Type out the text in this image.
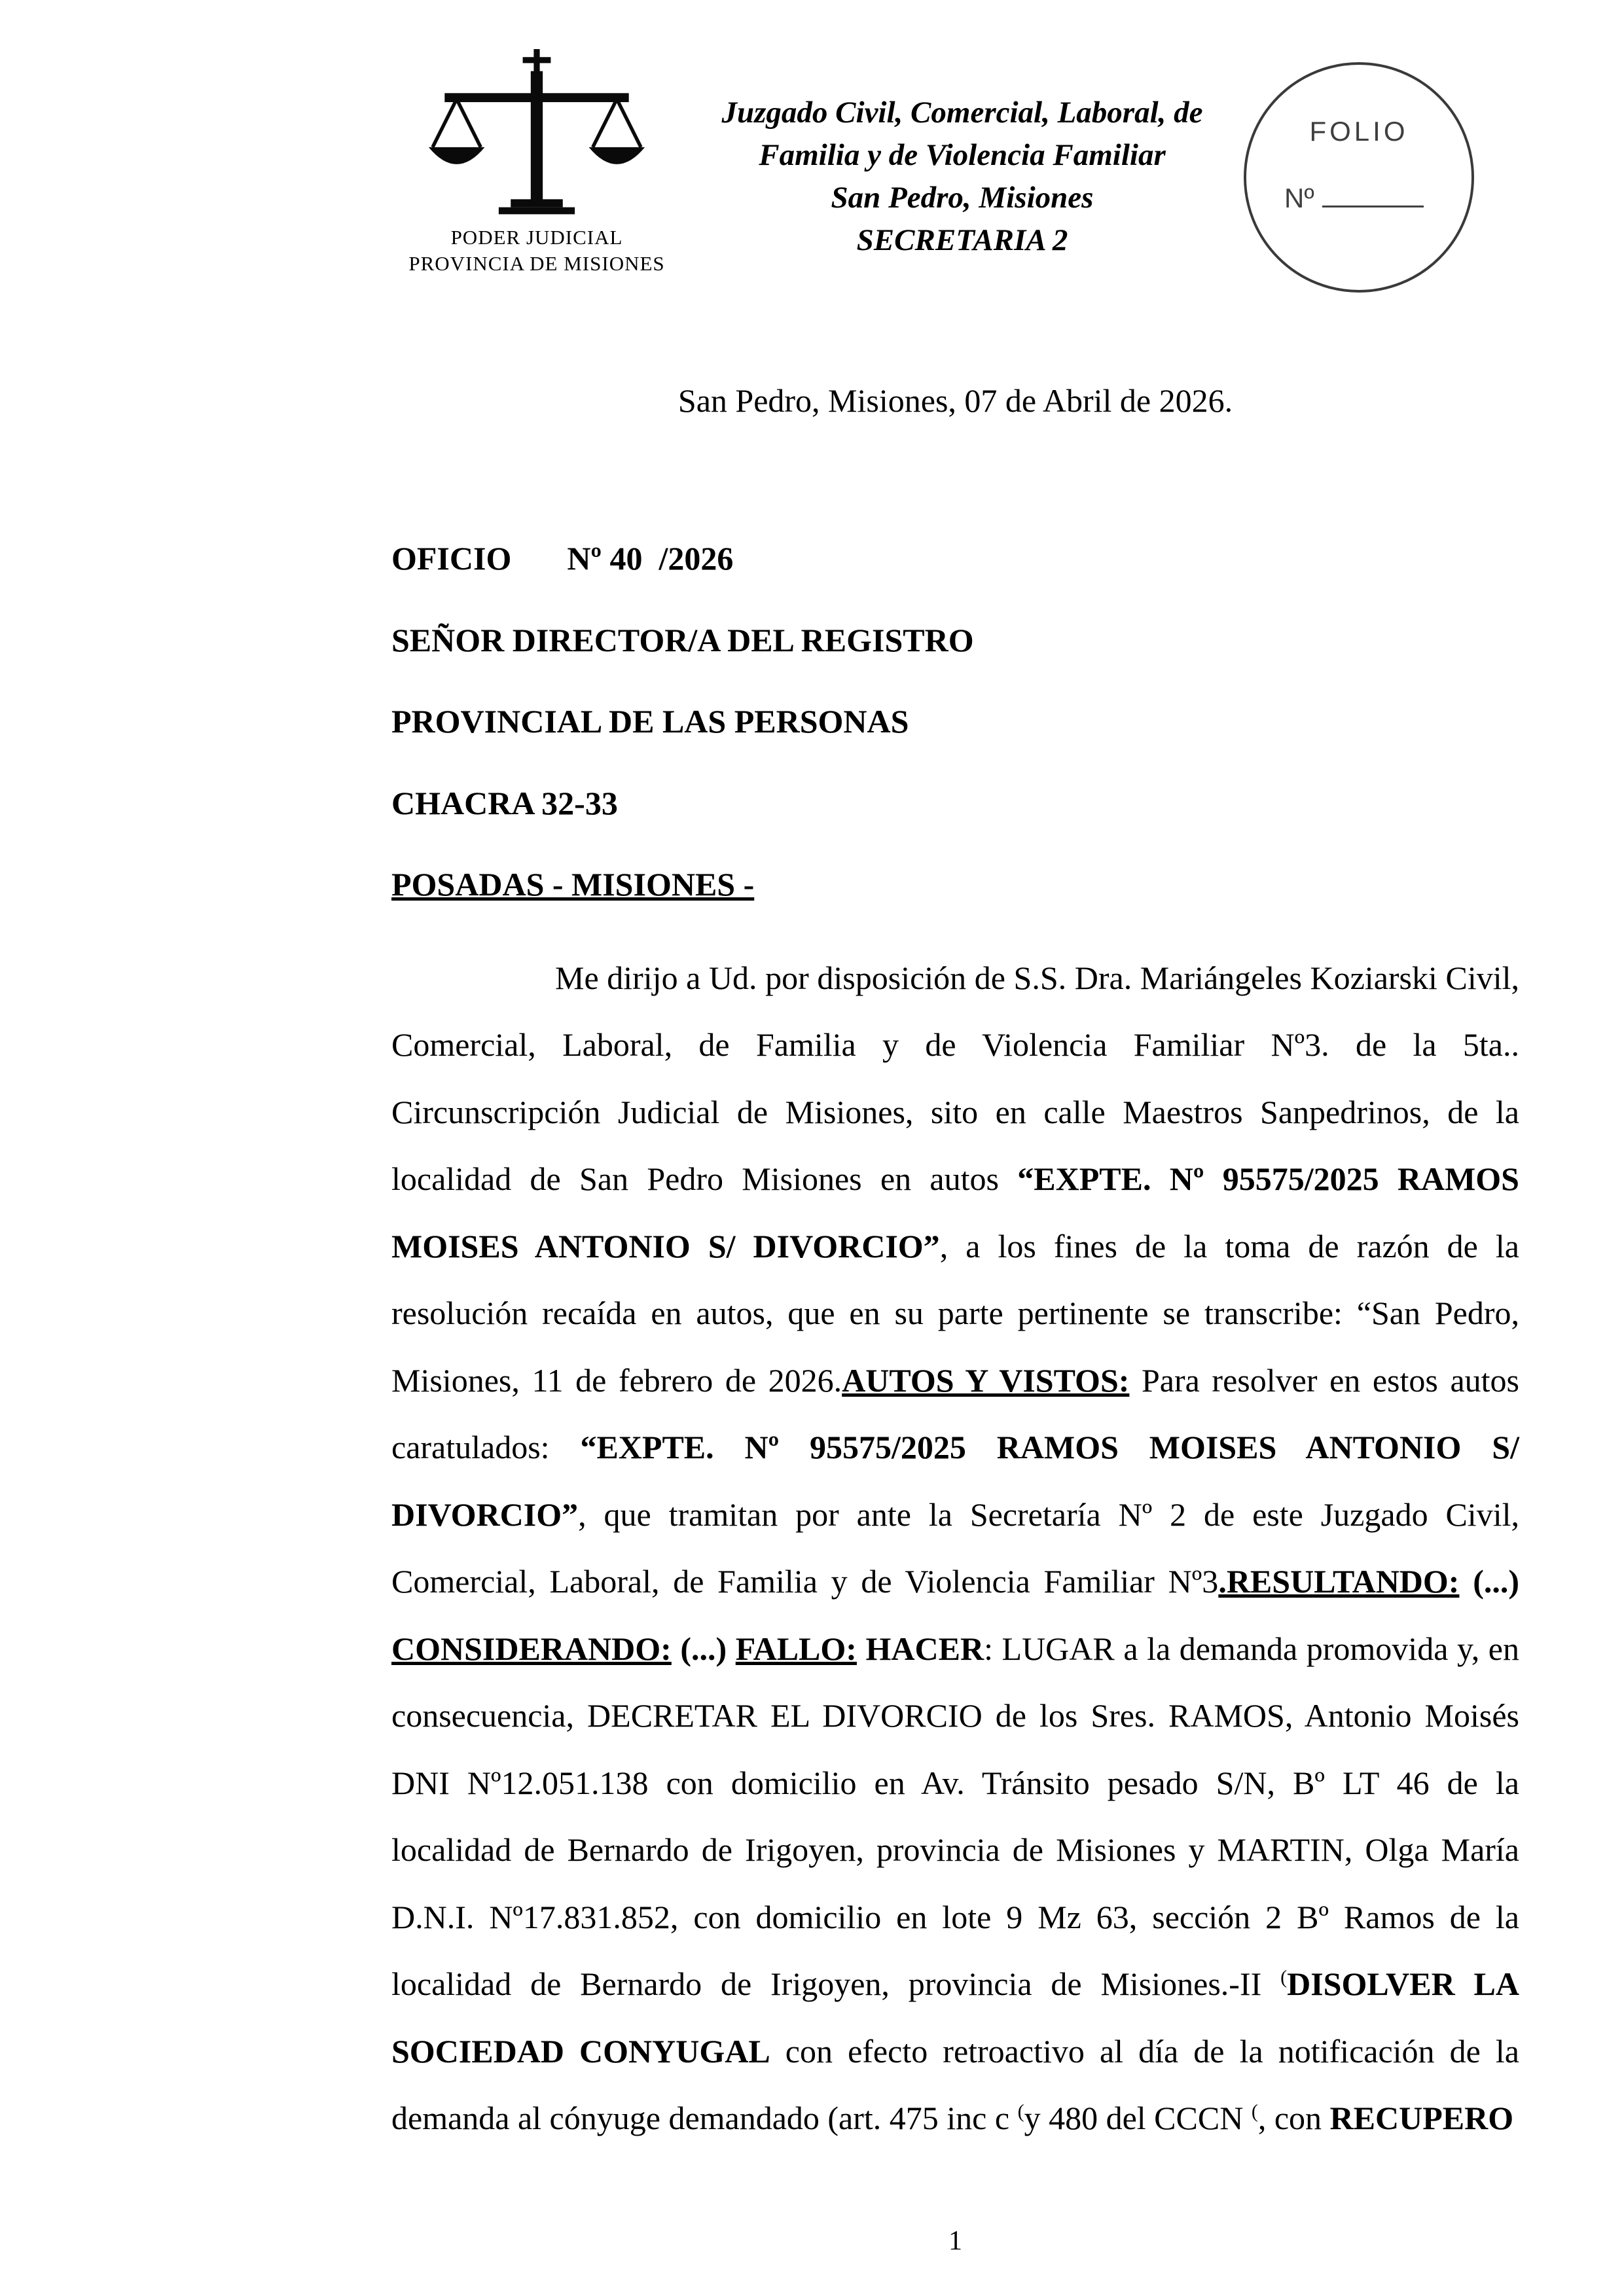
PODER JUDICIAL
PROVINCIA DE MISIONES
Juzgado Civil, Comercial, Laboral, de
Familia y de Violencia Familiar
San Pedro, Misiones
SECRETARIA 2
FOLIO
Nº
San Pedro, Misiones, 07 de Abril de 2026.

OFICIO Nº 40  /2026

SEÑOR DIRECTOR/A DEL REGISTRO

PROVINCIAL DE LAS PERSONAS

CHACRA 32-33

POSADAS - MISIONES -

Me dirijo a Ud. por disposición de S.S. Dra. Mariángeles Koziarski Civil, Comercial, Laboral, de Familia y de Violencia Familiar Nº3. de la 5ta.. Circunscripción Judicial de Misiones, sito en calle Maestros Sanpedrinos, de la localidad de San Pedro Misiones en autos “EXPTE. Nº 95575/2025 RAMOS MOISES ANTONIO S/ DIVORCIO”, a los fines de la toma de razón de la resolución recaída en autos, que en su parte pertinente se transcribe: “San Pedro, Misiones, 11 de febrero de 2026.AUTOS Y VISTOS: Para resolver en estos autos caratulados: “EXPTE. Nº 95575/2025 RAMOS MOISES ANTONIO S/ DIVORCIO”, que tramitan por ante la Secretaría Nº 2 de este Juzgado Civil, Comercial, Laboral, de Familia y de Violencia Familiar Nº3.RESULTANDO: (...) CONSIDERANDO: (...) FALLO: HACER: LUGAR a la demanda promovida y, en consecuencia, DECRETAR EL DIVORCIO de los Sres. RAMOS, Antonio Moisés DNI Nº12.051.138 con domicilio en Av. Tránsito pesado S/N, Bº LT 46 de la localidad de Bernardo de Irigoyen, provincia de Misiones y MARTIN, Olga María D.N.I. Nº17.831.852, con domicilio en lote 9 Mz 63, sección 2 Bº Ramos de la localidad de Bernardo de Irigoyen, provincia de Misiones.-II (DISOLVER LA SOCIEDAD CONYUGAL con efecto retroactivo al día de la notificación de la demanda al cónyuge demandado (art. 475 inc c (y 480 del CCCN (, con RECUPERO

1
